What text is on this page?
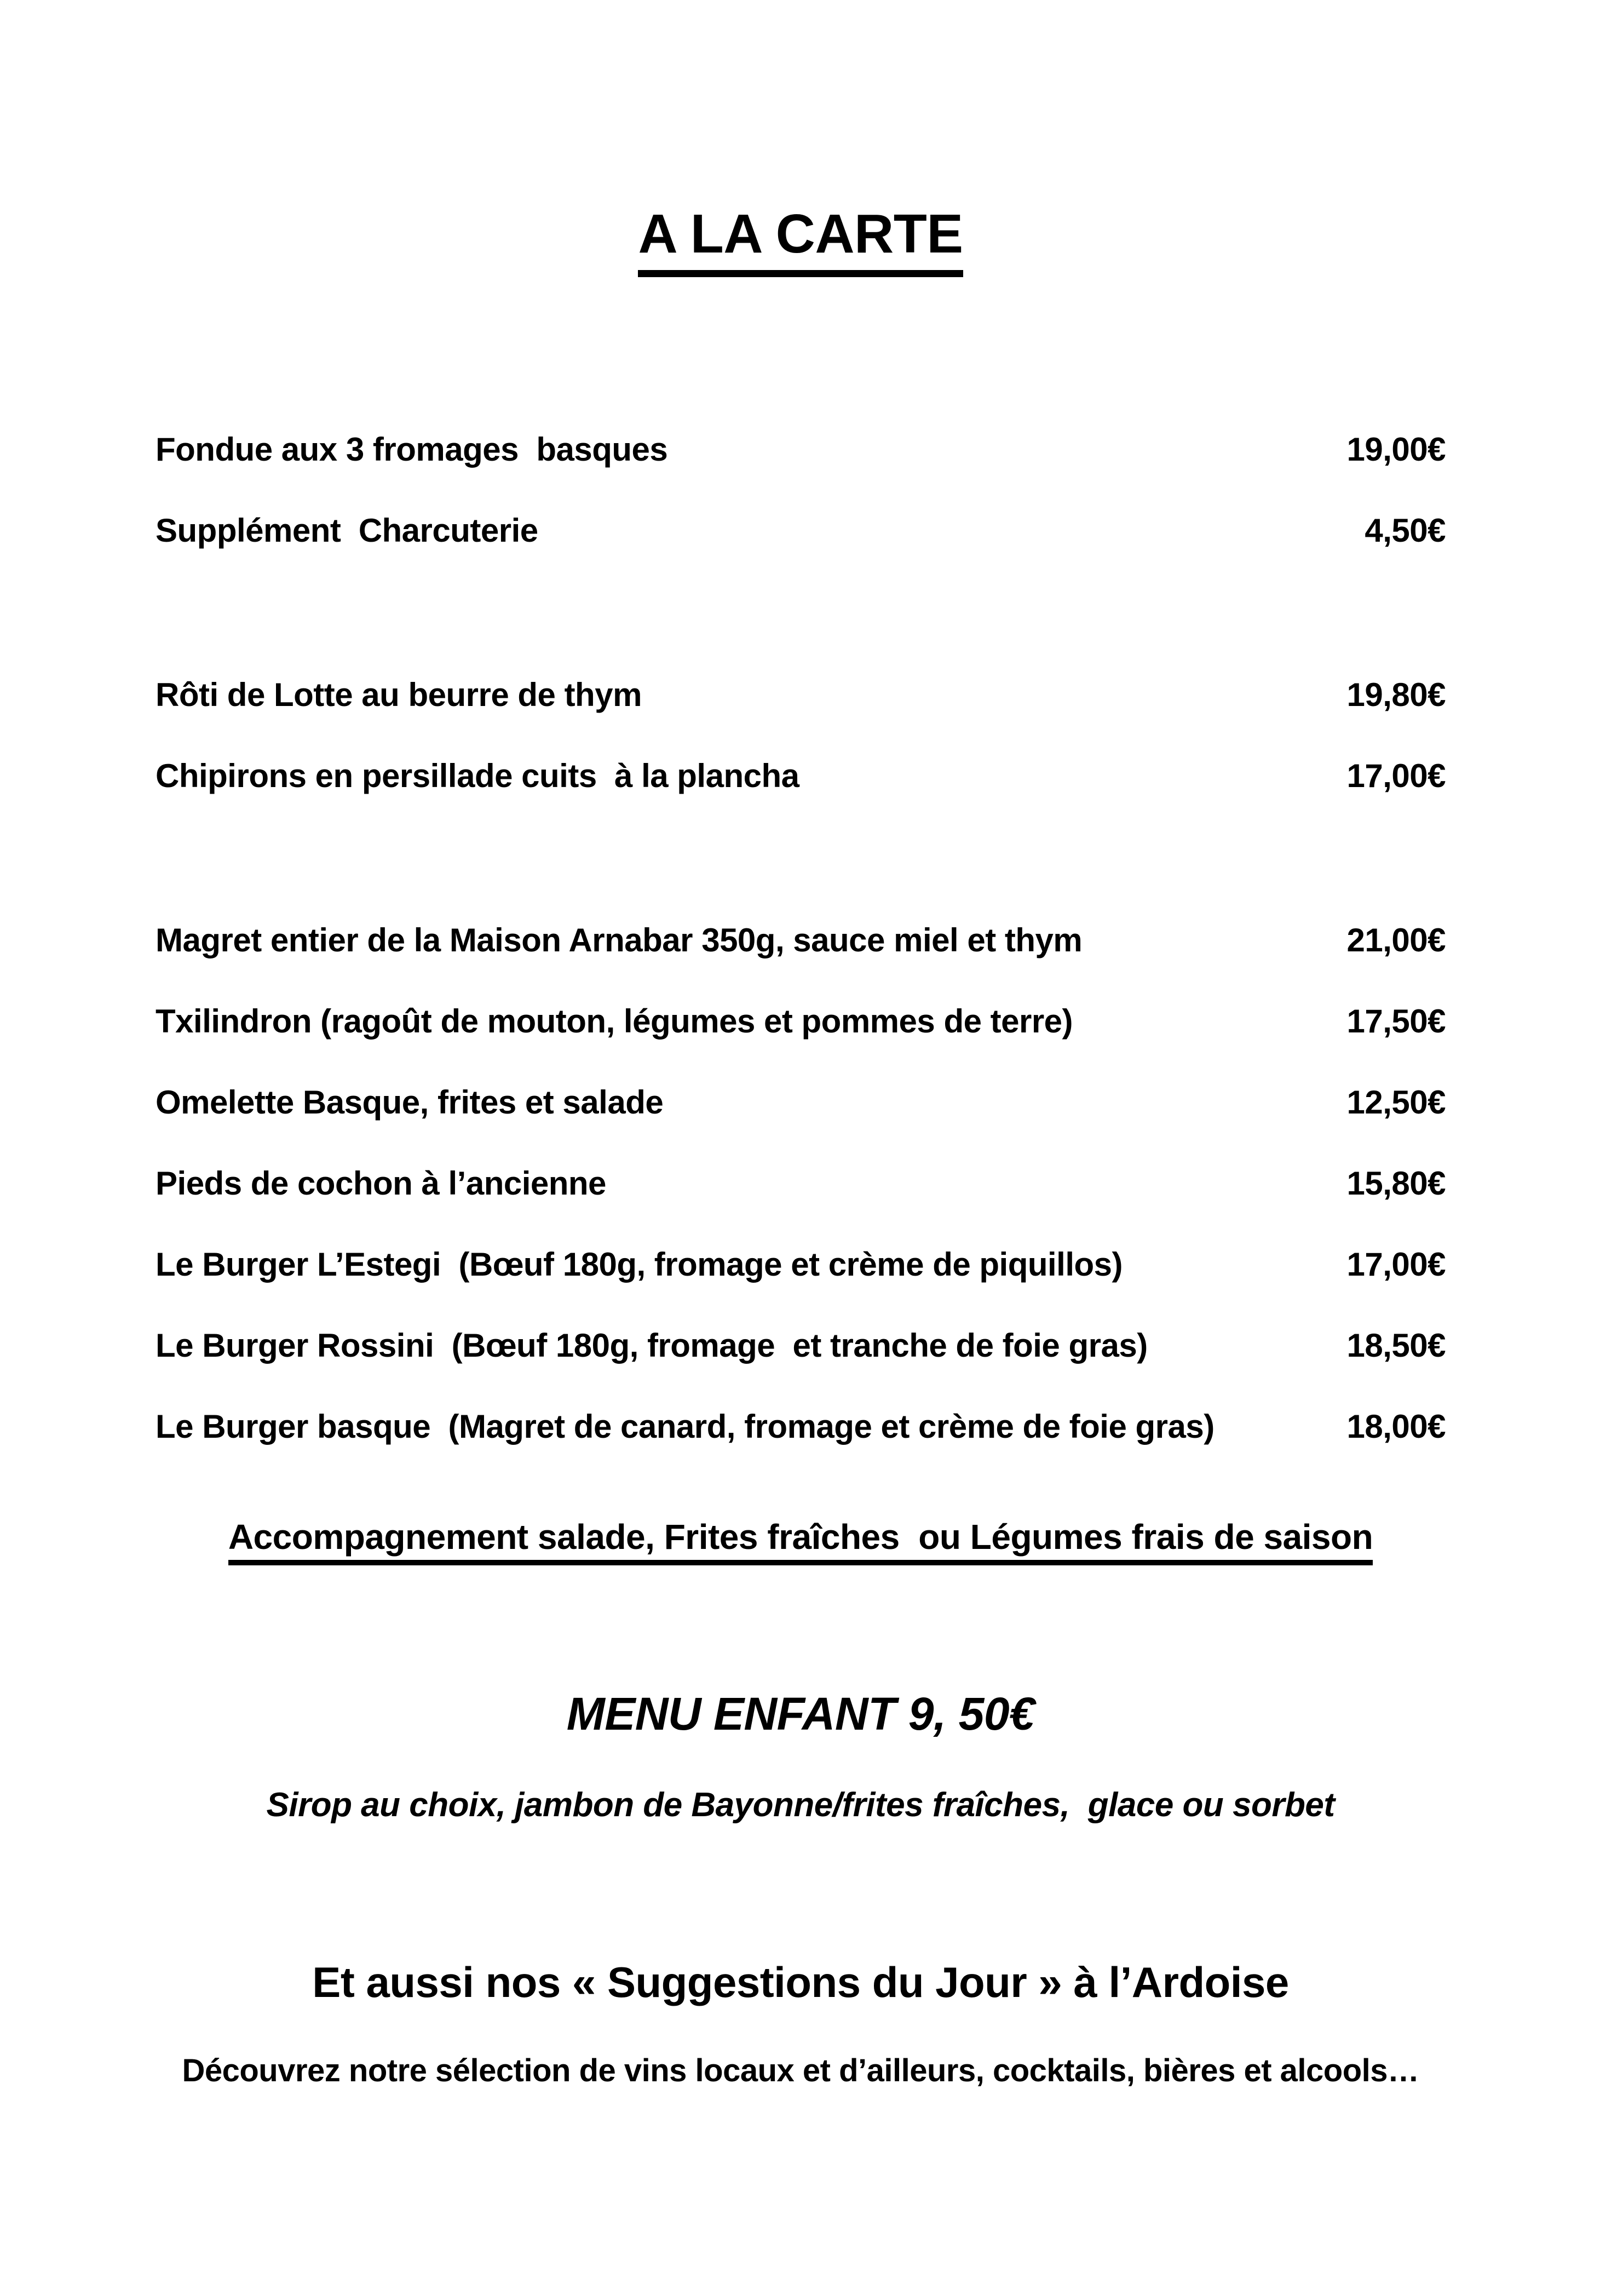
A LA CARTE
Fondue aux 3 fromages  basques	19,00€
Supplément  Charcuterie	4,50€
Rôti de Lotte au beurre de thym	19,80€
Chipirons en persillade cuits  à la plancha	17,00€
Magret entier de la Maison Arnabar 350g, sauce miel et thym	21,00€
Txilindron (ragoût de mouton, légumes et pommes de terre)	17,50€
Omelette Basque, frites et salade	12,50€
Pieds de cochon à l’ancienne	15,80€
Le Burger L’Estegi  (Bœuf 180g, fromage et crème de piquillos)	17,00€
Le Burger Rossini  (Bœuf 180g, fromage  et tranche de foie gras)	18,50€
Le Burger basque  (Magret de canard, fromage et crème de foie gras)	18,00€
Accompagnement salade, Frites fraîches  ou Légumes frais de saison
MENU ENFANT 9, 50€
Sirop au choix, jambon de Bayonne/frites fraîches,  glace ou sorbet
Et aussi nos « Suggestions du Jour » à l’Ardoise
Découvrez notre sélection de vins locaux et d’ailleurs, cocktails, bières et alcools…
